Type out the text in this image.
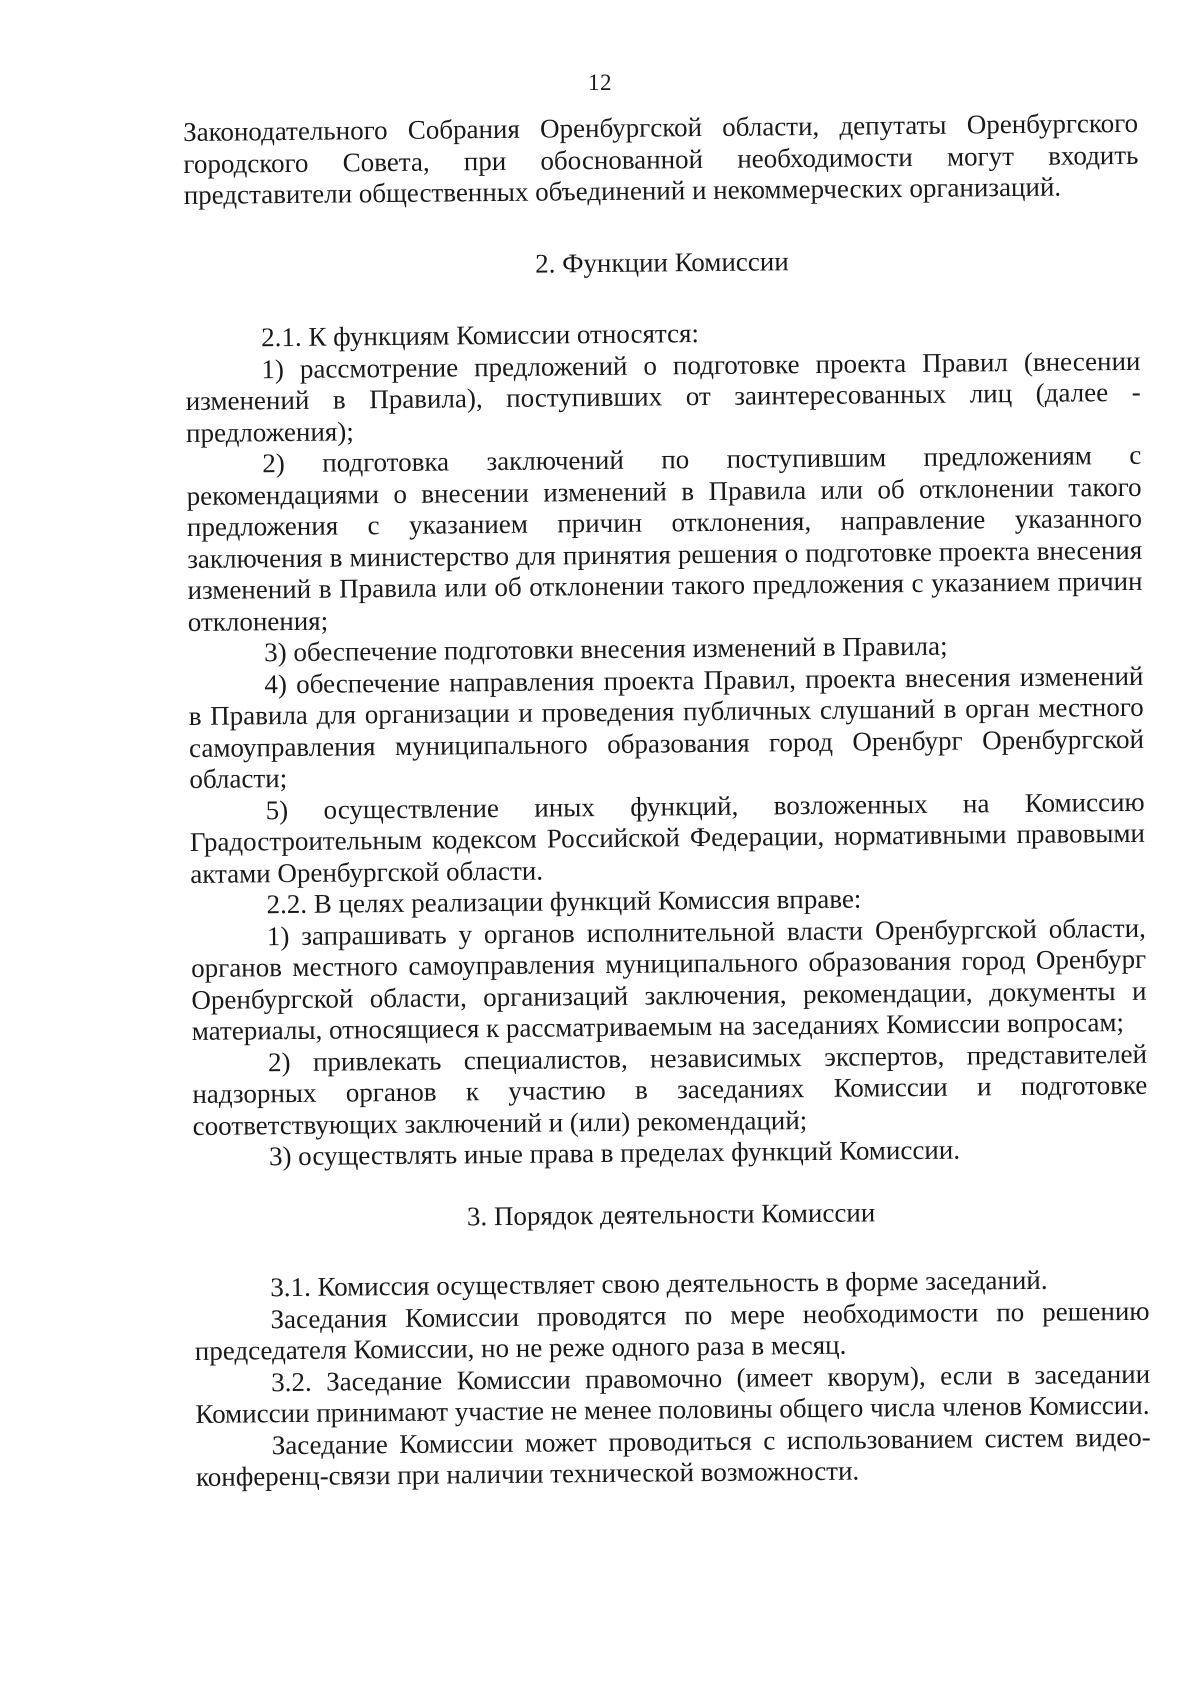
12

Законодательного Собрания Оренбургской области, депутаты Оренбургского городского Совета, при обоснованной необходимости могут входить представители общественных объединений и некоммерческих организаций.

2. Функции Комиссии

2.1. К функциям Комиссии относятся:

1) рассмотрение предложений о подготовке проекта Правил (внесении изменений в Правила), поступивших от заинтересованных лиц (далее - предложения);

2) подготовка заключений по поступившим предложениям с рекомендациями о внесении изменений в Правила или об отклонении такого предложения с указанием причин отклонения, направление указанного заключения в министерство для принятия решения о подготовке проекта внесения изменений в Правила или об отклонении такого предложения с указанием причин отклонения;

3) обеспечение подготовки внесения изменений в Правила;

4) обеспечение направления проекта Правил, проекта внесения изменений в Правила для организации и проведения публичных слушаний в орган местного самоуправления муниципального образования город Оренбург Оренбургской области;

5) осуществление иных функций, возложенных на Комиссию Градостроительным кодексом Российской Федерации, нормативными правовыми актами Оренбургской области.

2.2. В целях реализации функций Комиссия вправе:

1) запрашивать у органов исполнительной власти Оренбургской области, органов местного самоуправления муниципального образования город Оренбург Оренбургской области, организаций заключения, рекомендации, документы и материалы, относящиеся к рассматриваемым на заседаниях Комиссии вопросам;

2) привлекать специалистов, независимых экспертов, представителей надзорных органов к участию в заседаниях Комиссии и подготовке соответствующих заключений и (или) рекомендаций;

3) осуществлять иные права в пределах функций Комиссии.

3. Порядок деятельности Комиссии

3.1. Комиссия осуществляет свою деятельность в форме заседаний.

Заседания Комиссии проводятся по мере необходимости по решению председателя Комиссии, но не реже одного раза в месяц.

3.2. Заседание Комиссии правомочно (имеет кворум), если в заседании Комиссии принимают участие не менее половины общего числа членов Комиссии.

Заседание Комиссии может проводиться с использованием систем видео-конференц-связи при наличии технической возможности.
